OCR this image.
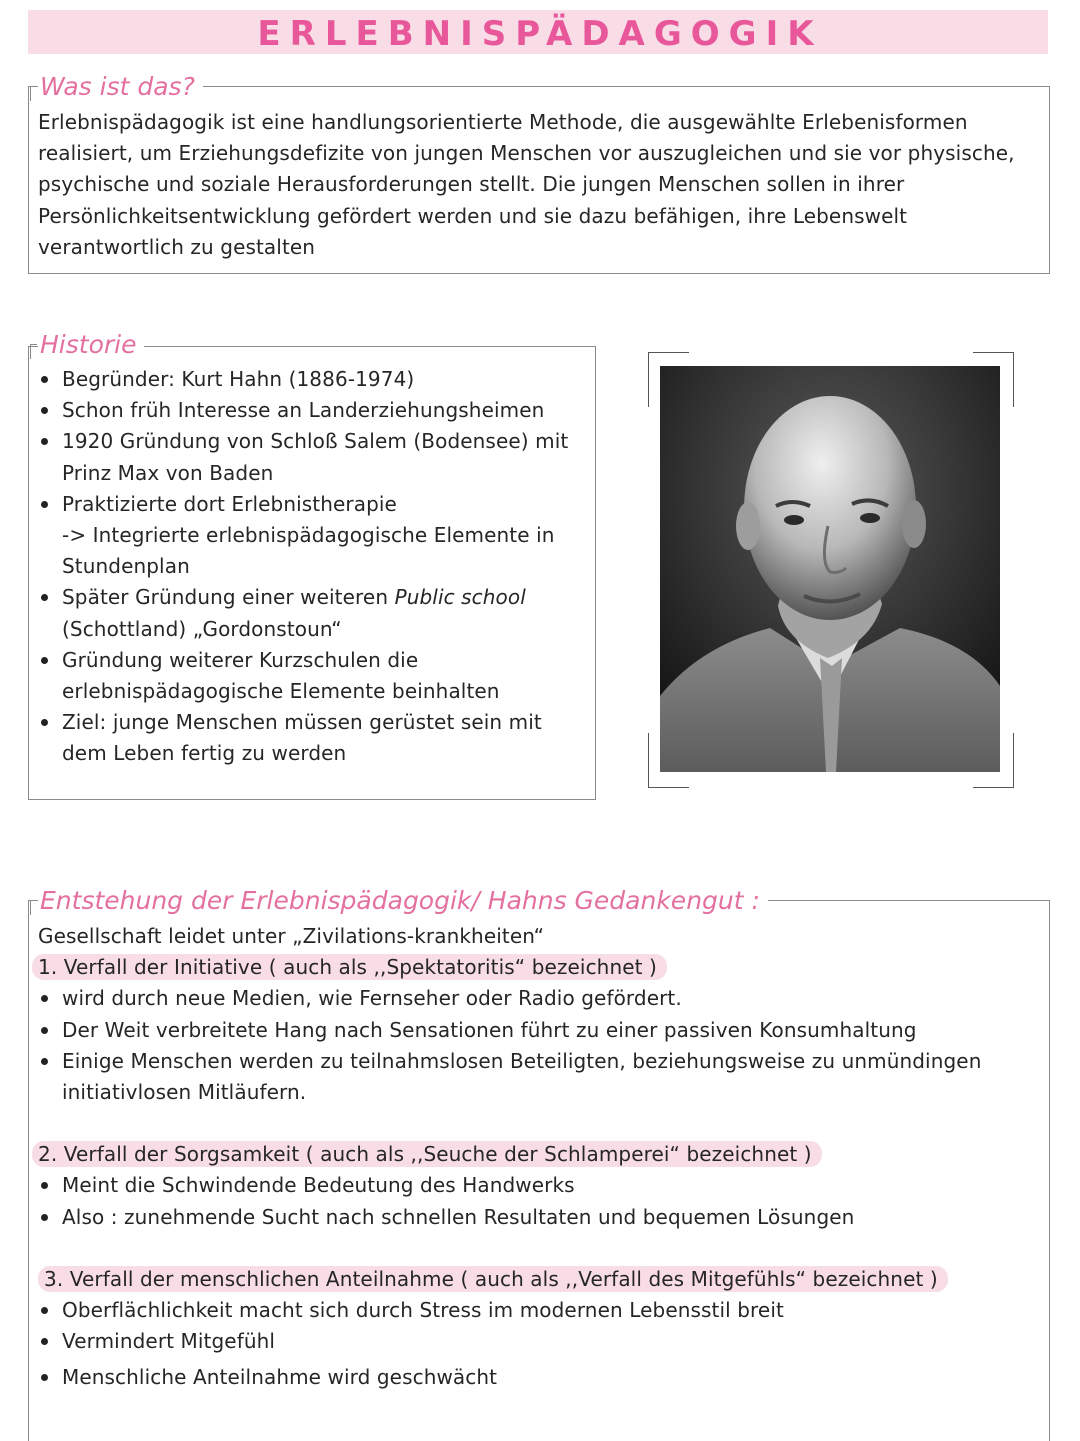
ERLEBNISPÄDAGOGIK
Was ist das?
Erlebnispädagogik ist eine handlungsorientierte Methode, die ausgewählte Erlebenisformen
realisiert, um Erziehungsdefizite von jungen Menschen vor auszugleichen und sie vor physische,
psychische und soziale Herausforderungen stellt. Die jungen Menschen sollen in ihrer
Persönlichkeitsentwicklung gefördert werden und sie dazu befähigen, ihre Lebenswelt
verantwortlich zu gestalten
Historie
Begründer: Kurt Hahn (1886-1974)
Schon früh Interesse an Landerziehungsheimen
1920 Gründung von Schloß Salem (Bodensee) mit Prinz Max von Baden
Praktizierte dort Erlebnistherapie
-> Integrierte erlebnispädagogische Elemente in Stundenplan
Später Gründung einer weiteren Public school (Schottland) „Gordonstoun“
Gründung weiterer Kurzschulen die erlebnispädagogische Elemente beinhalten
Ziel: junge Menschen müssen gerüstet sein mit dem Leben fertig zu werden
Entstehung der Erlebnispädagogik/ Hahns Gedankengut :
Gesellschaft leidet unter „Zivilations-krankheiten“
1. Verfall der Initiative ( auch als ,,Spektatoritis“ bezeichnet )
wird durch neue Medien, wie Fernseher oder Radio gefördert.
Der Weit verbreitete Hang nach Sensationen führt zu einer passiven Konsumhaltung
Einige Menschen werden zu teilnahmslosen Beteiligten, beziehungsweise zu unmündingen initiativlosen Mitläufern.
2. Verfall der Sorgsamkeit ( auch als ,,Seuche der Schlamperei“ bezeichnet )
Meint die Schwindende Bedeutung des Handwerks
Also : zunehmende Sucht nach schnellen Resultaten und bequemen Lösungen
3. Verfall der menschlichen Anteilnahme ( auch als ,,Verfall des Mitgefühls“ bezeichnet )
Oberflächlichkeit macht sich durch Stress im modernen Lebensstil breit
Vermindert Mitgefühl
Menschliche Anteilnahme wird geschwächt
